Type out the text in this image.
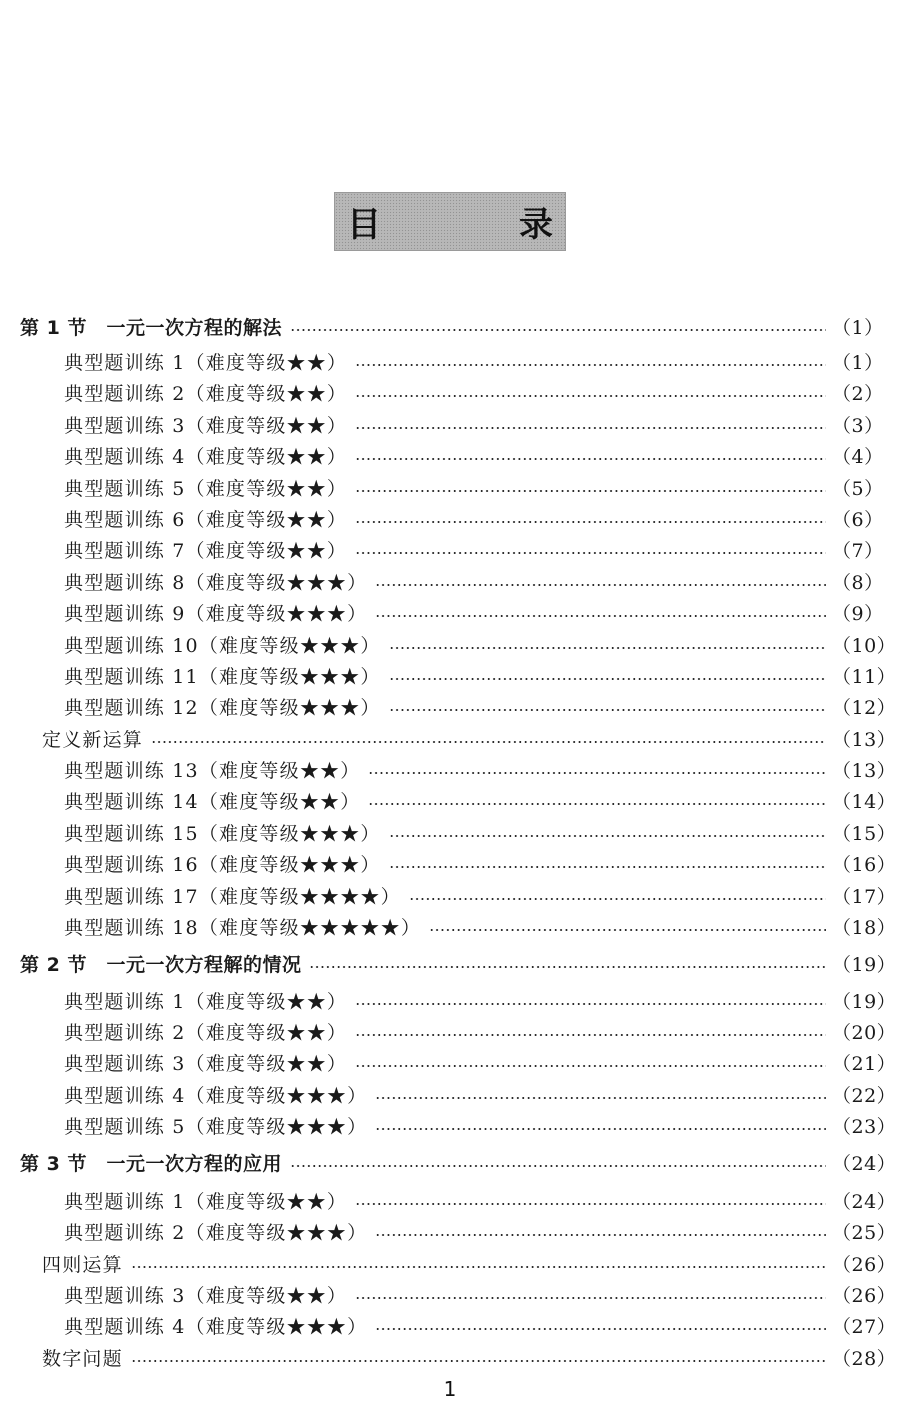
目　录
第 1 节　一元一次方程的解法	（1）
典型题训练 1（难度等级★★）	（1）
典型题训练 2（难度等级★★）	（2）
典型题训练 3（难度等级★★）	（3）
典型题训练 4（难度等级★★）	（4）
典型题训练 5（难度等级★★）	（5）
典型题训练 6（难度等级★★）	（6）
典型题训练 7（难度等级★★）	（7）
典型题训练 8（难度等级★★★）	（8）
典型题训练 9（难度等级★★★）	（9）
典型题训练 10（难度等级★★★）	（10）
典型题训练 11（难度等级★★★）	（11）
典型题训练 12（难度等级★★★）	（12）
定义新运算	（13）
典型题训练 13（难度等级★★）	（13）
典型题训练 14（难度等级★★）	（14）
典型题训练 15（难度等级★★★）	（15）
典型题训练 16（难度等级★★★）	（16）
典型题训练 17（难度等级★★★★）	（17）
典型题训练 18（难度等级★★★★★）	（18）
第 2 节　一元一次方程解的情况	（19）
典型题训练 1（难度等级★★）	（19）
典型题训练 2（难度等级★★）	（20）
典型题训练 3（难度等级★★）	（21）
典型题训练 4（难度等级★★★）	（22）
典型题训练 5（难度等级★★★）	（23）
第 3 节　一元一次方程的应用	（24）
典型题训练 1（难度等级★★）	（24）
典型题训练 2（难度等级★★★）	（25）
四则运算	（26）
典型题训练 3（难度等级★★）	（26）
典型题训练 4（难度等级★★★）	（27）
数字问题	（28）
1
